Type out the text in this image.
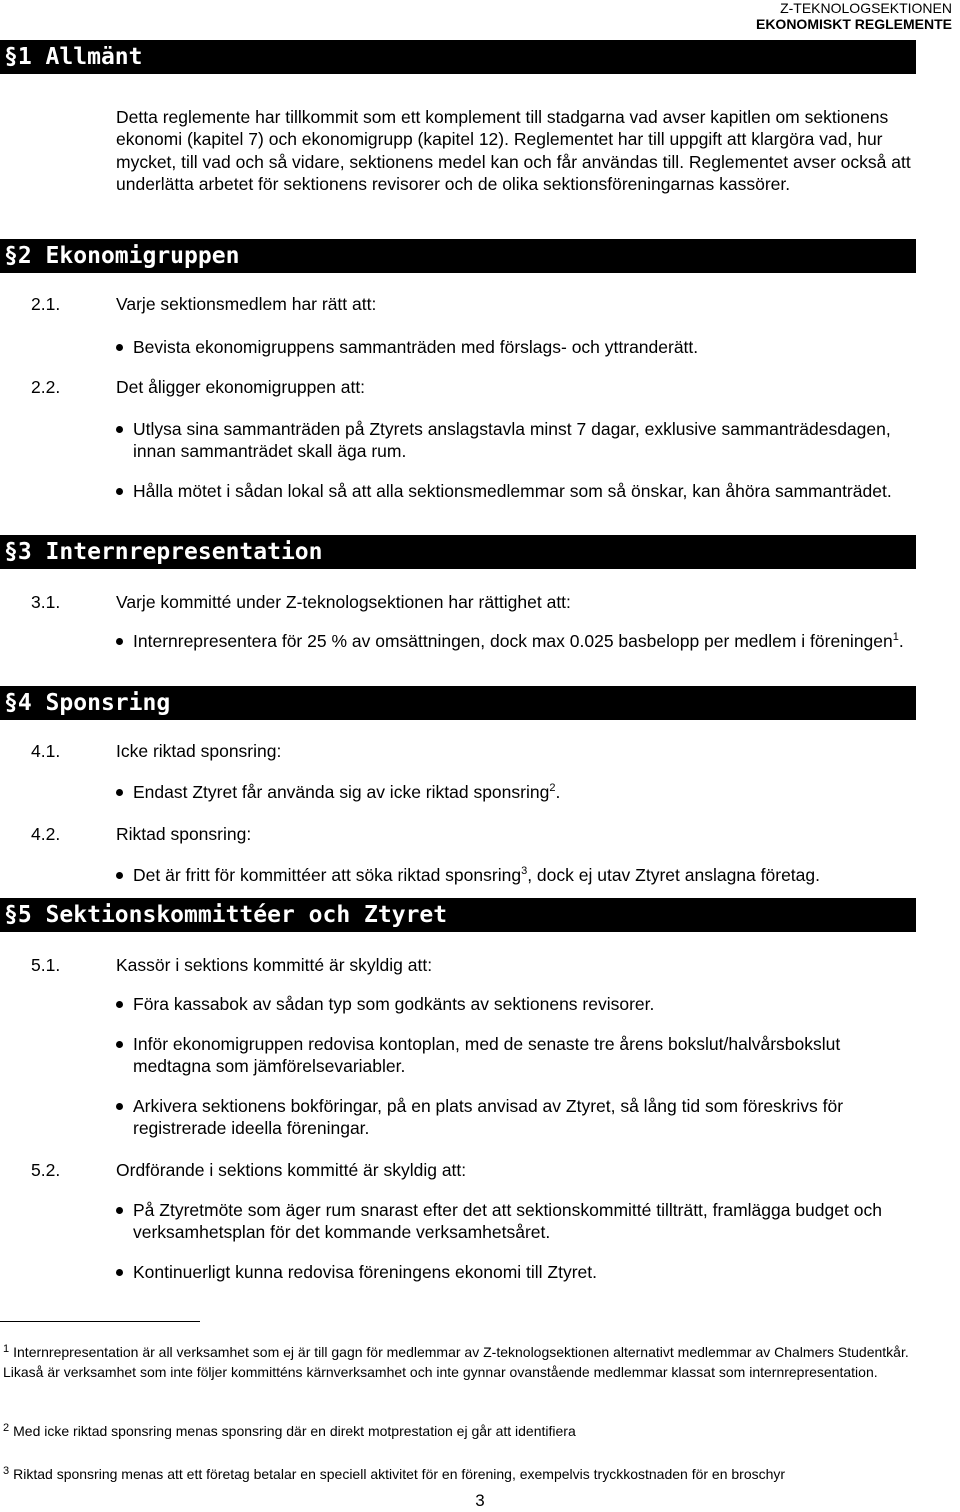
Z-TEKNOLOGSEKTIONEN
EKONOMISKT REGLEMENTE
§ 1 Allmänt
Detta reglemente har tillkommit som ett komplement till stadgarna vad avser kapitlen om sektionens ekonomi (kapitel 7) och ekonomigrupp (kapitel 12). Reglementet har till uppgift att klargöra vad, hur mycket, till vad och så vidare, sektionens medel kan och får användas till. Reglementet avser också att underlätta arbetet för sektionens revisorer och de olika sektionsföreningarnas kassörer.
§ 2 Ekonomigruppen
2.1.	Varje sektionsmedlem har rätt att:
Bevista ekonomigruppens sammanträden med förslags- och yttranderätt.
2.2.	Det åligger ekonomigruppen att:
Utlysa sina sammanträden på Ztyrets anslagstavla minst 7 dagar, exklusive sammanträdesdagen, innan sammanträdet skall äga rum.
Hålla mötet i sådan lokal så att alla sektionsmedlemmar som så önskar, kan åhöra sammanträdet.
§ 3 Internrepresentation
3.1.	Varje kommitté under Z-teknologsektionen har rättighet att:
Internrepresentera för 25 % av omsättningen, dock max 0.025 basbelopp per medlem i föreningen$^1$.
§ 4 Sponsring
4.1.	Icke riktad sponsring:
Endast Ztyret får använda sig av icke riktad sponsring$^2$.
4.2.	Riktad sponsring:
Det är fritt för kommittéer att söka riktad sponsring$^3$, dock ej utav Ztyret anslagna företag.
§ 5 Sektionskommittéer och Ztyret
5.1.	Kassör i sektions kommitté är skyldig att:
Föra kassabok av sådan typ som godkänts av sektionens revisorer.
Inför ekonomigruppen redovisa kontoplan, med de senaste tre årens bokslut/halvårsbokslut medtagna som jämförelsevariabler.
Arkivera sektionens bokföringar, på en plats anvisad av Ztyret, så lång tid som föreskrivs för registrerade ideella föreningar.
5.2.	Ordförande i sektions kommitté är skyldig att:
På Ztyretmöte som äger rum snarast efter det att sektionskommitté tillträtt, framlägga budget och verksamhetsplan för det kommande verksamhetsåret.
Kontinuerligt kunna redovisa föreningens ekonomi till Ztyret.
$^1$ Internrepresentation är all verksamhet som ej är till gagn för medlemmar av Z-teknologsektionen alternativt medlemmar av Chalmers Studentkår. Likaså är verksamhet som inte följer kommitténs kärnverksamhet och inte gynnar ovanstående medlemmar klassat som internrepresentation.
$^2$ Med icke riktad sponsring menas sponsring där en direkt motprestation ej går att identifiera
$^3$ Riktad sponsring menas att ett företag betalar en speciell aktivitet för en förening, exempelvis tryckkostnaden för en broschyr
3
